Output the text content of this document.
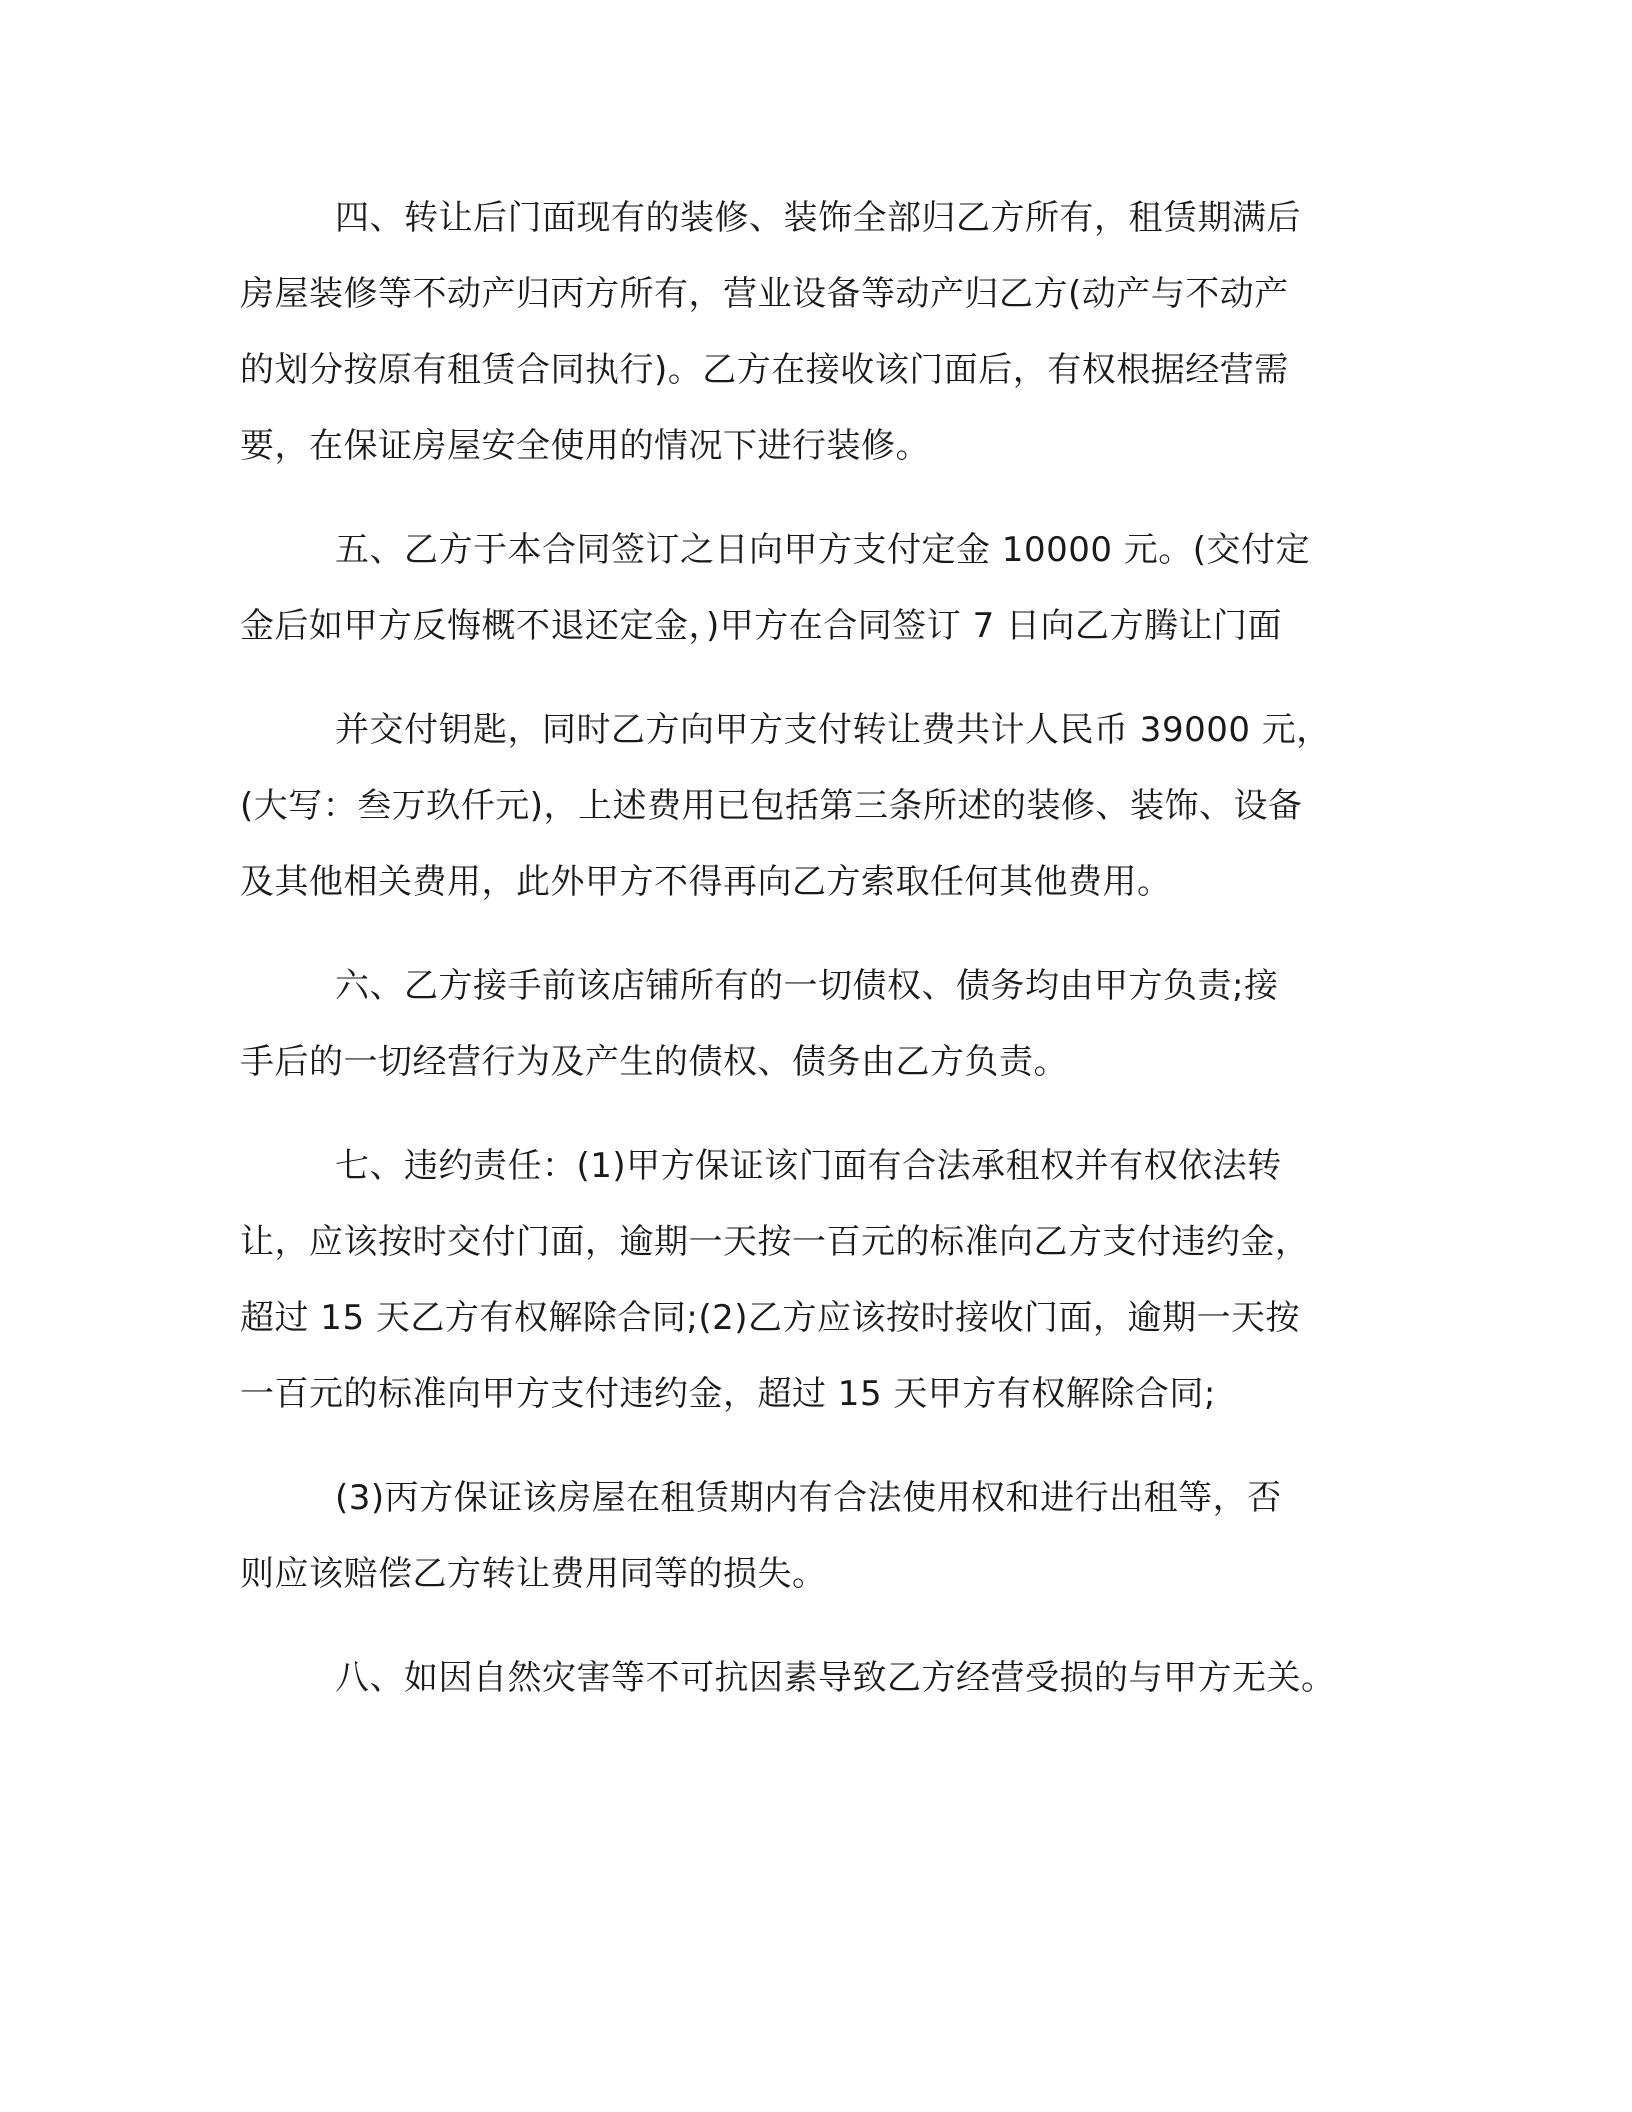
四、转让后门面现有的装修、装饰全部归乙方所有，租赁期满后
房屋装修等不动产归丙方所有，营业设备等动产归乙方(动产与不动产
的划分按原有租赁合同执行)。乙方在接收该门面后，有权根据经营需
要，在保证房屋安全使用的情况下进行装修。
五、乙方于本合同签订之日向甲方支付定金 10000 元。(交付定
金后如甲方反悔概不退还定金，)甲方在合同签订 7 日向乙方腾让门面
并交付钥匙，同时乙方向甲方支付转让费共计人民币 39000 元，
(大写：叁万玖仟元)，上述费用已包括第三条所述的装修、装饰、设备
及其他相关费用，此外甲方不得再向乙方索取任何其他费用。
六、乙方接手前该店铺所有的一切债权、债务均由甲方负责;接
手后的一切经营行为及产生的债权、债务由乙方负责。
七、违约责任：(1)甲方保证该门面有合法承租权并有权依法转
让，应该按时交付门面，逾期一天按一百元的标准向乙方支付违约金，
超过 15 天乙方有权解除合同;(2)乙方应该按时接收门面，逾期一天按
一百元的标准向甲方支付违约金，超过 15 天甲方有权解除合同;
(3)丙方保证该房屋在租赁期内有合法使用权和进行出租等，否
则应该赔偿乙方转让费用同等的损失。
八、如因自然灾害等不可抗因素导致乙方经营受损的与甲方无关。
